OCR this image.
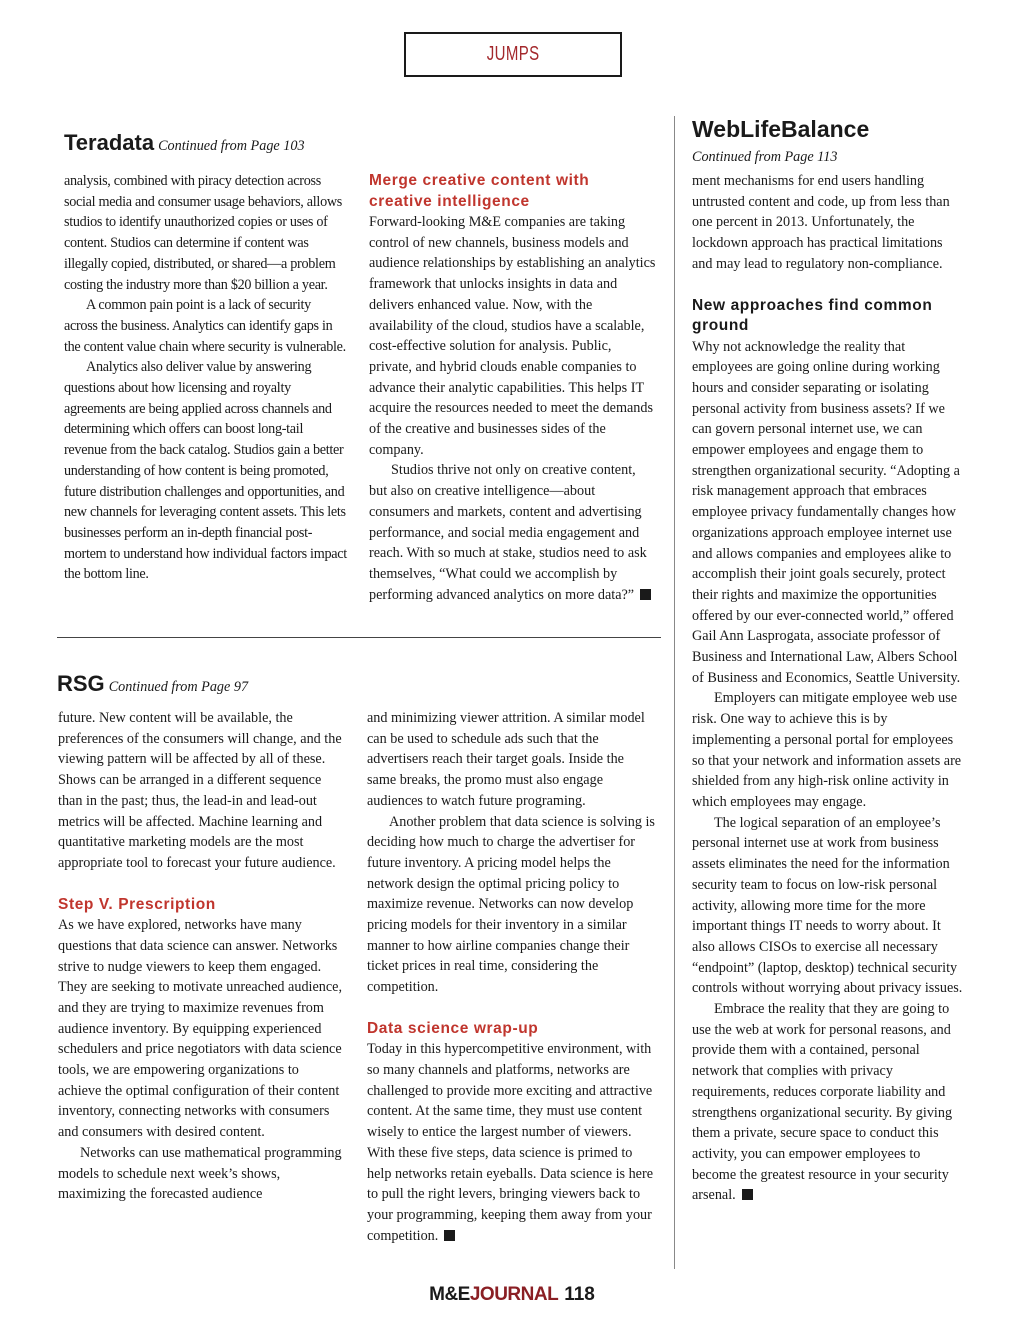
JUMPS
Teradata Continued from Page 103

analysis, combined with piracy detection across social media and consumer usage behaviors, allows studios to identify unauthorized copies or uses of content. Studios can determine if content was illegally copied, distributed, or shared—a problem costing the industry more than $20 billion a year.

A common pain point is a lack of security across the business. Analytics can identify gaps in the content value chain where security is vulnerable.

Analytics also deliver value by answering questions about how licensing and royalty agreements are being applied across channels and determining which offers can boost long-tail revenue from the back catalog. Studios gain a better understanding of how content is being promoted, future distribution challenges and opportunities, and new channels for leveraging content assets. This lets businesses perform an in-depth financial post-mortem to understand how individual factors impact the bottom line.

Merge creative content with creative intelligence

Forward-looking M&E companies are taking control of new channels, business models and audience relationships by establishing an analytics framework that unlocks insights in data and delivers enhanced value. Now, with the availability of the cloud, studios have a scalable, cost-effective solution for analysis. Public, private, and hybrid clouds enable companies to advance their analytic capabilities. This helps IT acquire the resources needed to meet the demands of the creative and businesses sides of the company.

Studios thrive not only on creative content, but also on creative intelligence—about consumers and markets, content and advertising performance, and social media engagement and reach. With so much at stake, studios need to ask themselves, “What could we accomplish by performing advanced analytics on more data?”

RSG Continued from Page 97

future. New content will be available, the preferences of the consumers will change, and the viewing pattern will be affected by all of these. Shows can be arranged in a different sequence than in the past; thus, the lead-in and lead-out metrics will be affected. Machine learning and quantitative marketing models are the most appropriate tool to forecast your future audience.

Step V. Prescription

As we have explored, networks have many questions that data science can answer. Networks strive to nudge viewers to keep them engaged. They are seeking to motivate unreached audience, and they are trying to maximize revenues from audience inventory. By equipping experienced schedulers and price negotiators with data science tools, we are empowering organizations to achieve the optimal configuration of their content inventory, connecting networks with consumers and consumers with desired content.

Networks can use mathematical programming models to schedule next week’s shows, maximizing the forecasted audience

and minimizing viewer attrition. A similar model can be used to schedule ads such that the advertisers reach their target goals. Inside the same breaks, the promo must also engage audiences to watch future programing.

Another problem that data science is solving is deciding how much to charge the advertiser for future inventory. A pricing model helps the network design the optimal pricing policy to maximize revenue. Networks can now develop pricing models for their inventory in a similar manner to how airline companies change their ticket prices in real time, considering the competition.

Data science wrap-up

Today in this hypercompetitive environment, with so many channels and platforms, networks are challenged to provide more exciting and attractive content. At the same time, they must use content wisely to entice the largest number of viewers. With these five steps, data science is primed to help networks retain eyeballs. Data science is here to pull the right levers, bringing viewers back to your programming, keeping them away from your competition.

WebLifeBalance
Continued from Page 113

ment mechanisms for end users handling untrusted content and code, up from less than one percent in 2013. Unfortunately, the lockdown approach has practical limitations and may lead to regulatory non-compliance.

New approaches find common ground

Why not acknowledge the reality that employees are going online during working hours and consider separating or isolating personal activity from business assets? If we can govern personal internet use, we can empower employees and engage them to strengthen organizational security. “Adopting a risk management approach that embraces employee privacy fundamentally changes how organizations approach employee internet use and allows companies and employees alike to accomplish their joint goals securely, protect their rights and maximize the opportunities offered by our ever-connected world,” offered Gail Ann Lasprogata, associate professor of Business and International Law, Albers School of Business and Economics, Seattle University.

Employers can mitigate employee web use risk. One way to achieve this is by implementing a personal portal for employees so that your network and information assets are shielded from any high-risk online activity in which employees may engage.

The logical separation of an employee’s personal internet use at work from business assets eliminates the need for the information security team to focus on low-risk personal activity, allowing more time for the more important things IT needs to worry about. It also allows CISOs to exercise all necessary “endpoint” (laptop, desktop) technical security controls without worrying about privacy issues.

Embrace the reality that they are going to use the web at work for personal reasons, and provide them with a contained, personal network that complies with privacy requirements, reduces corporate liability and strengthens organizational security. By giving them a private, secure space to conduct this activity, you can empower employees to become the greatest resource in your security arsenal.

M&EJOURNAL 118
